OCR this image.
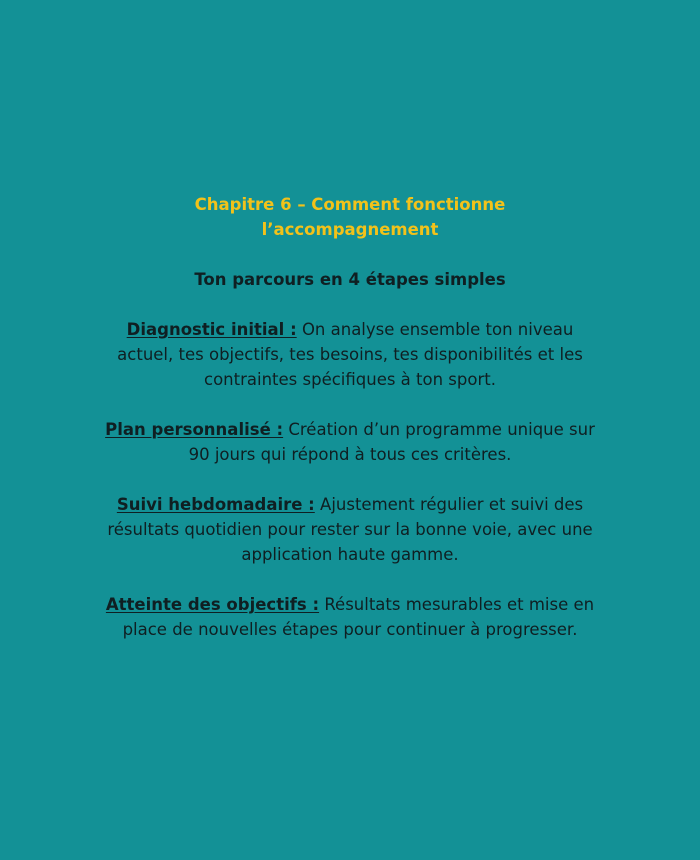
Chapitre 6 – Comment fonctionne l’accompagnement

Ton parcours en 4 étapes simples

Diagnostic initial : On analyse ensemble ton niveau actuel, tes objectifs, tes besoins, tes disponibilités et les contraintes spécifiques à ton sport.

Plan personnalisé : Création d’un programme unique sur 90 jours qui répond à tous ces critères.

Suivi hebdomadaire : Ajustement régulier et suivi des résultats quotidien pour rester sur la bonne voie, avec une application haute gamme.

Atteinte des objectifs : Résultats mesurables et mise en place de nouvelles étapes pour continuer à progresser.
